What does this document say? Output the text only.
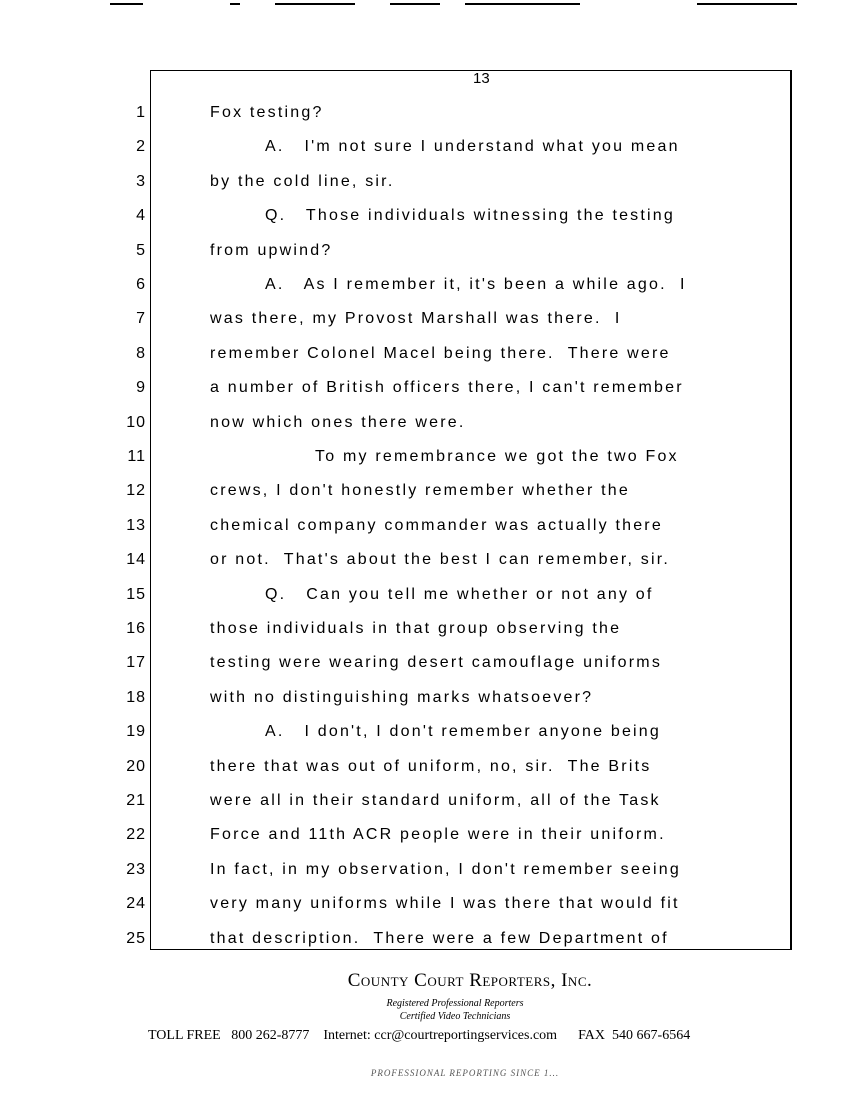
13
1	Fox testing?
2	A.   I'm not sure I understand what you mean
3	by the cold line, sir.
4	Q.   Those individuals witnessing the testing
5	from upwind?
6	A.   As I remember it, it's been a while ago.  I
7	was there, my Provost Marshall was there.  I
8	remember Colonel Macel being there.  There were
9	a number of British officers there, I can't remember
10	now which ones there were.
11	To my remembrance we got the two Fox
12	crews, I don't honestly remember whether the
13	chemical company commander was actually there
14	or not.  That's about the best I can remember, sir.
15	Q.   Can you tell me whether or not any of
16	those individuals in that group observing the
17	testing were wearing desert camouflage uniforms
18	with no distinguishing marks whatsoever?
19	A.   I don't, I don't remember anyone being
20	there that was out of uniform, no, sir.  The Brits
21	were all in their standard uniform, all of the Task
22	Force and 11th ACR people were in their uniform.
23	In fact, in my observation, I don't remember seeing
24	very many uniforms while I was there that would fit
25	that description.  There were a few Department of
County Court Reporters, Inc.
Registered Professional Reporters
Certified Video Technicians
TOLL FREE   800 262-8777    Internet: ccr@courtreportingservices.com      FAX  540 667-6564
PROFESSIONAL REPORTING SINCE 1...
